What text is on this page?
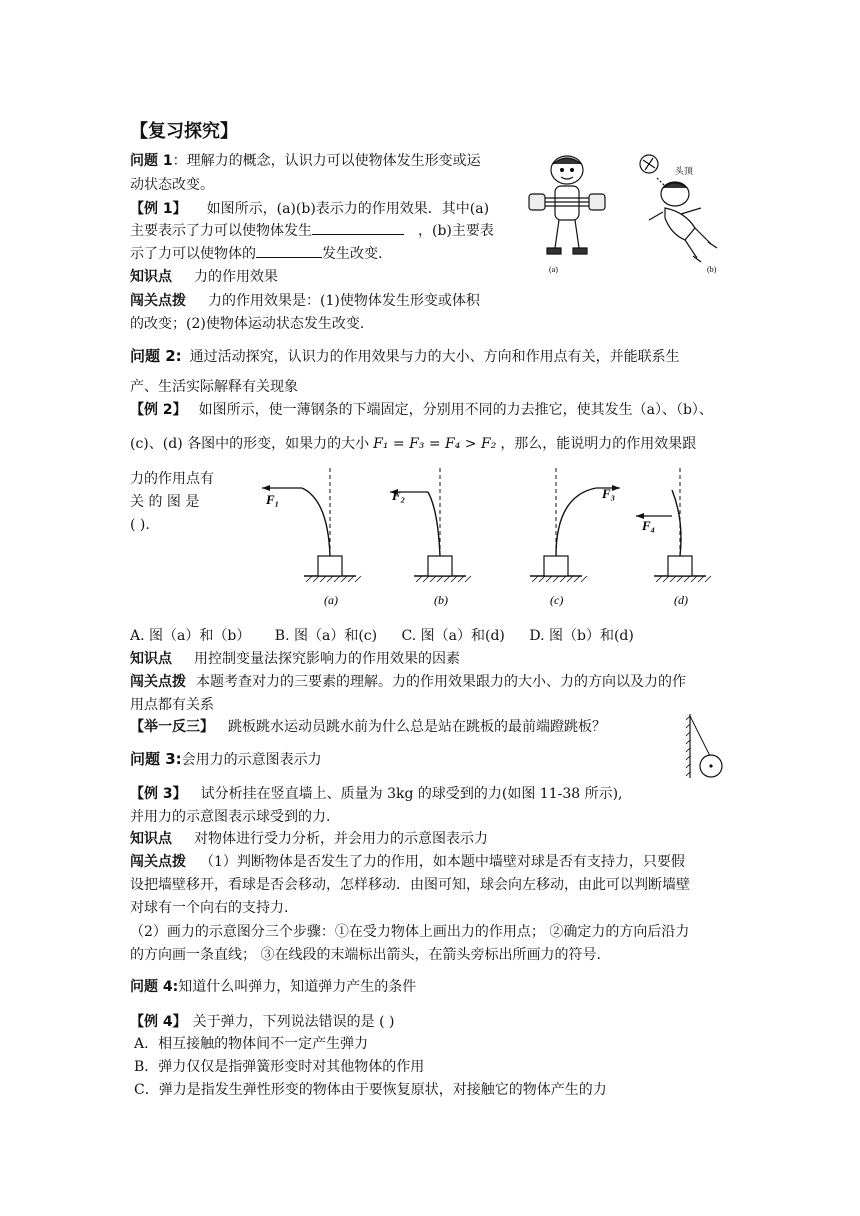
【复习探究】
问题 1：理解力的概念，认识力可以使物体发生形变或运
动状态改变。
【例 1】 如图所示，(a)(b)表示力的作用效果．其中(a)
主要表示了力可以使物体发生	，(b)主要表
示了力可以使物体的	发生改变.
知识点 力的作用效果
闯关点拨 力的作用效果是：(1)使物体发生形变或体积
的改变；(2)使物体运动状态发生改变.
(a)	(b)
头顶
问题 2: 通过活动探究，认识力的作用效果与力的大小、方向和作用点有关，并能联系生
产、生活实际解释有关现象
【例 2】 如图所示，使一薄钢条的下端固定，分别用不同的力去推它，使其发生（a）、（b）、
(c)、(d) 各图中的形变，如果力的大小 F₁ = F₃ = F₄ > F₂ ，那么，能说明力的作用效果跟
力的作用点有
关 的 图 是
( ).
F₁
(a)
F₂
(b)
F₃
(c)
F₄
(d)
A. 图（a）和（b） B. 图（a）和(c) C. 图（a）和(d) D. 图（b）和(d)
知识点 用控制变量法探究影响力的作用效果的因素
闯关点拨 本题考查对力的三要素的理解。力的作用效果跟力的大小、力的方向以及力的作
用点都有关系
【举一反三】 跳板跳水运动员跳水前为什么总是站在跳板的最前端蹬跳板？
问题 3:会用力的示意图表示力
【例 3】 试分析挂在竖直墙上、质量为 3kg 的球受到的力(如图 11-38 所示),
并用力的示意图表示球受到的力.
知识点 对物体进行受力分析，并会用力的示意图表示力
闯关点拨 （1）判断物体是否发生了力的作用，如本题中墙壁对球是否有支持力，只要假
设把墙壁移开，看球是否会移动，怎样移动．由图可知，球会向左移动，由此可以判断墙壁
对球有一个向右的支持力.
（2）画力的示意图分三个步骤：①在受力物体上画出力的作用点； ②确定力的方向后沿力
的方向画一条直线； ③在线段的末端标出箭头，在箭头旁标出所画力的符号.
问题 4:知道什么叫弹力，知道弹力产生的条件
【例 4】 关于弹力，下列说法错误的是 ( )
A．相互接触的物体间不一定产生弹力
B．弹力仅仅是指弹簧形变时对其他物体的作用
C．弹力是指发生弹性形变的物体由于要恢复原状，对接触它的物体产生的力
